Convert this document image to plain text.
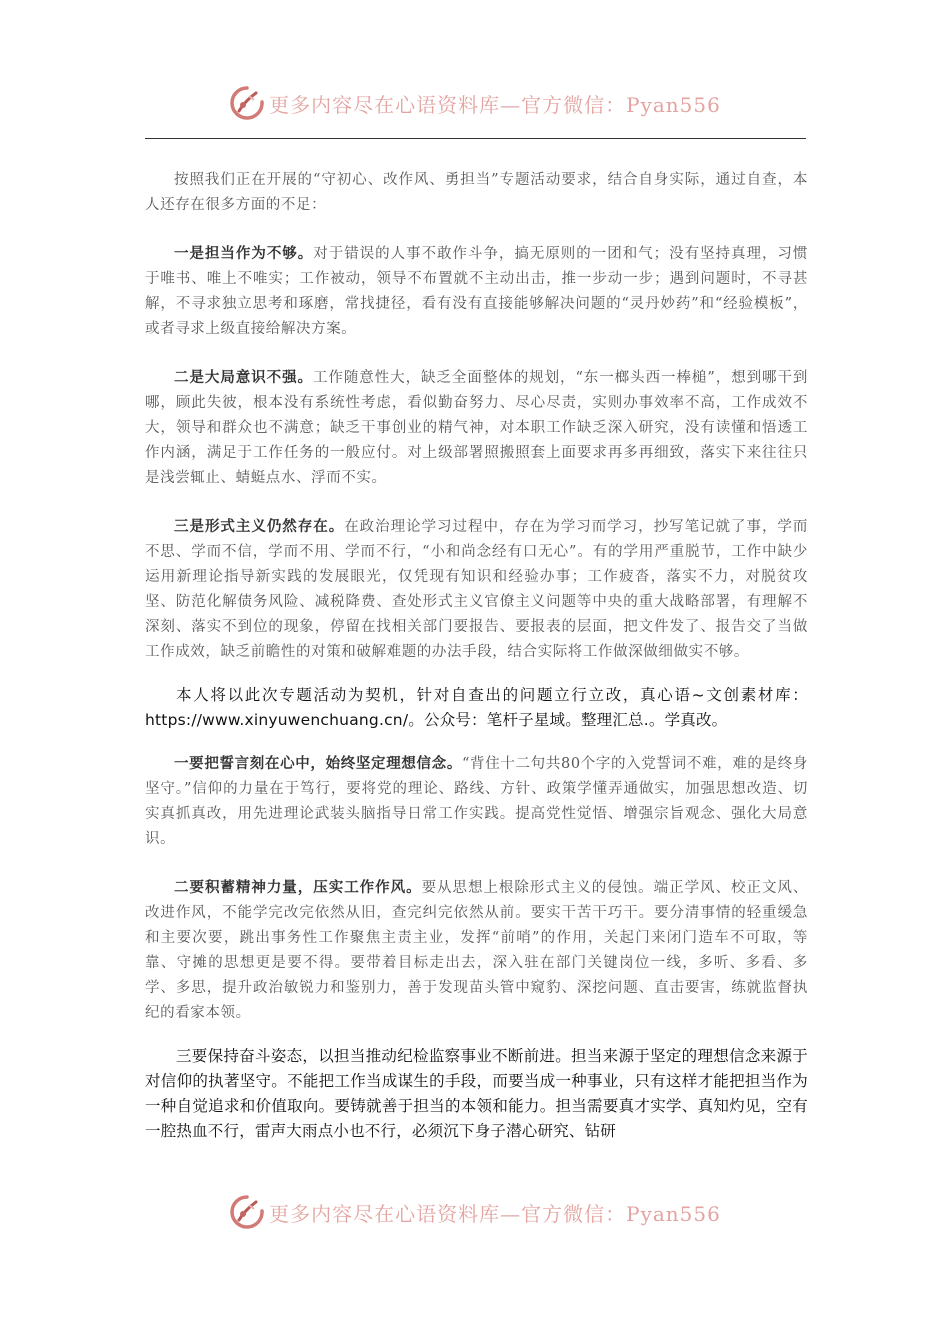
更多内容尽在心语资料库—官方微信：Pyan556

按照我们正在开展的“守初心、改作风、勇担当”专题活动要求，结合自身实际，通过自查，本人还存在很多方面的不足：

一是担当作为不够。对于错误的人事不敢作斗争，搞无原则的一团和气；没有坚持真理，习惯于唯书、唯上不唯实；工作被动，领导不布置就不主动出击，推一步动一步；遇到问题时，不寻甚解，不寻求独立思考和琢磨，常找捷径，看有没有直接能够解决问题的“灵丹妙药”和“经验模板”，或者寻求上级直接给解决方案。

二是大局意识不强。工作随意性大，缺乏全面整体的规划，“东一榔头西一棒槌”，想到哪干到哪，顾此失彼，根本没有系统性考虑，看似勤奋努力、尽心尽责，实则办事效率不高，工作成效不大，领导和群众也不满意；缺乏干事创业的精气神，对本职工作缺乏深入研究，没有读懂和悟透工作内涵，满足于工作任务的一般应付。对上级部署照搬照套上面要求再多再细致，落实下来往往只是浅尝辄止、蜻蜓点水、浮而不实。

三是形式主义仍然存在。在政治理论学习过程中，存在为学习而学习，抄写笔记就了事，学而不思、学而不信，学而不用、学而不行，“小和尚念经有口无心”。有的学用严重脱节，工作中缺少运用新理论指导新实践的发展眼光，仅凭现有知识和经验办事；工作疲沓，落实不力，对脱贫攻坚、防范化解债务风险、减税降费、查处形式主义官僚主义问题等中央的重大战略部署，有理解不深刻、落实不到位的现象，停留在找相关部门要报告、要报表的层面，把文件发了、报告交了当做工作成效，缺乏前瞻性的对策和破解难题的办法手段，结合实际将工作做深做细做实不够。

本人将以此次专题活动为契机，针对自查出的问题立行立改，真心语~文创素材库：https://www.xinyuwenchuang.cn/。公众号：笔杆子星域。整理汇总.。学真改。

一要把誓言刻在心中，始终坚定理想信念。“背住十二句共80个字的入党誓词不难，难的是终身坚守。”信仰的力量在于笃行，要将党的理论、路线、方针、政策学懂弄通做实，加强思想改造、切实真抓真改，用先进理论武装头脑指导日常工作实践。提高党性觉悟、增强宗旨观念、强化大局意识。

二要积蓄精神力量，压实工作作风。要从思想上根除形式主义的侵蚀。端正学风、校正文风、改进作风，不能学完改完依然从旧，查完纠完依然从前。要实干苦干巧干。要分清事情的轻重缓急和主要次要，跳出事务性工作聚焦主责主业，发挥“前哨”的作用，关起门来闭门造车不可取，等靠、守摊的思想更是要不得。要带着目标走出去，深入驻在部门关键岗位一线，多听、多看、多学、多思，提升政治敏锐力和鉴别力，善于发现苗头管中窥豹、深挖问题、直击要害，练就监督执纪的看家本领。

三要保持奋斗姿态，以担当推动纪检监察事业不断前进。担当来源于坚定的理想信念来源于对信仰的执著坚守。不能把工作当成谋生的手段，而要当成一种事业，只有这样才能把担当作为一种自觉追求和价值取向。要铸就善于担当的本领和能力。担当需要真才实学、真知灼见，空有一腔热血不行，雷声大雨点小也不行，必须沉下身子潜心研究、钻研

更多内容尽在心语资料库—官方微信：Pyan556
